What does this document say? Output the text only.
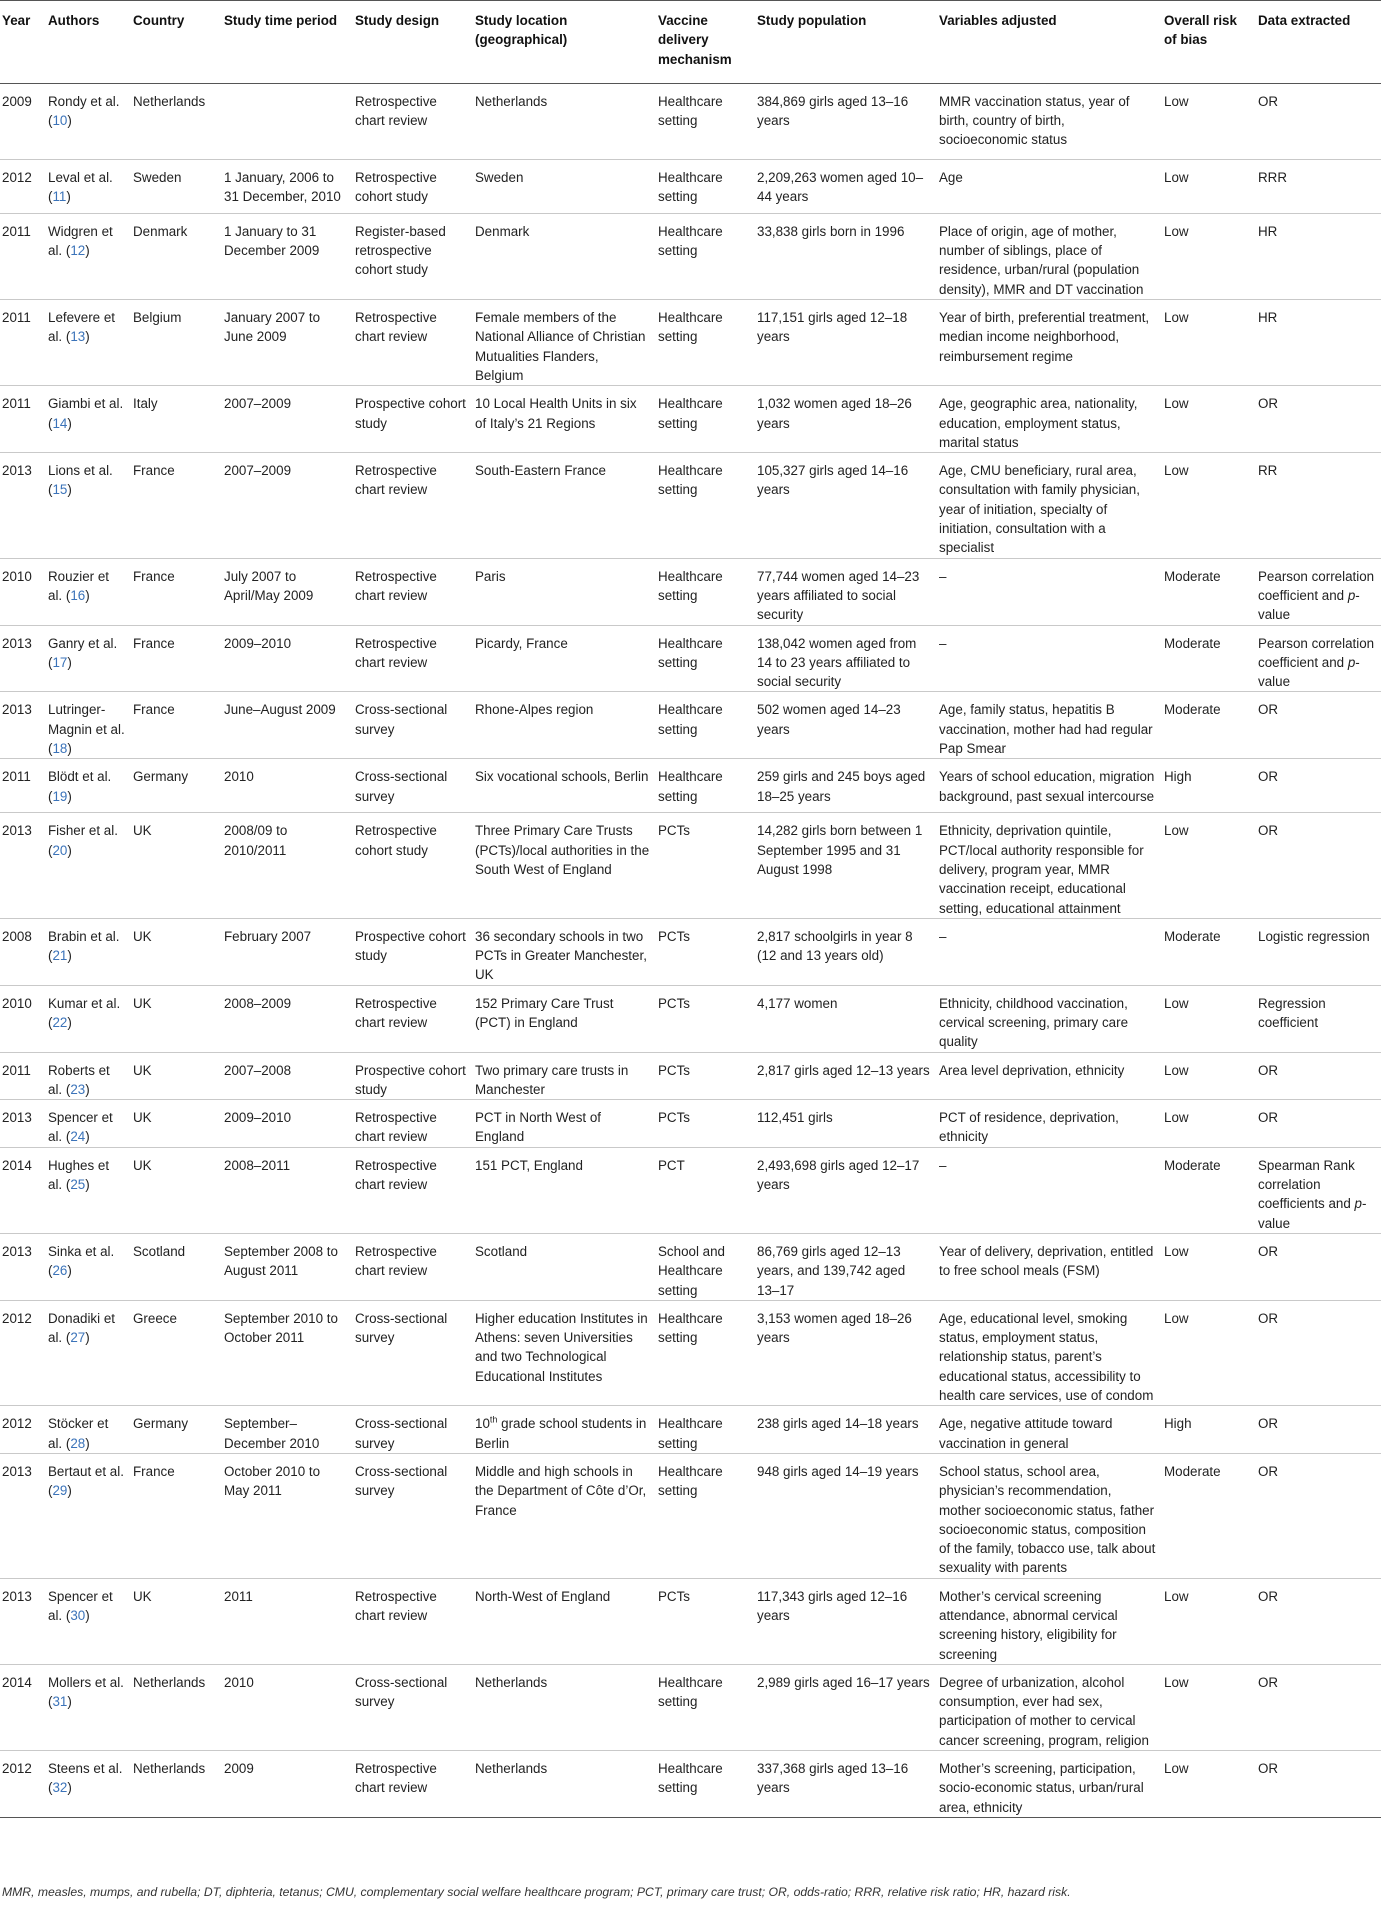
Year	Authors	Country	Study time period	Study design	Study location (geographical)	Vaccine delivery mechanism	Study population	Variables adjusted	Overall risk of bias	Data extracted

2009	Rondy et al. (10)	Netherlands		Retrospective chart review	Netherlands	Healthcare setting	384,869 girls aged 13–16 years	MMR vaccination status, year of birth, country of birth, socioeconomic status	Low	OR

2012	Leval et al. (11)	Sweden	1 January, 2006 to 31 December, 2010	Retrospective cohort study	Sweden	Healthcare setting	2,209,263 women aged 10–44 years	Age	Low	RRR

2011	Widgren et al. (12)	Denmark	1 January to 31 December 2009	Register-based retrospective cohort study	Denmark	Healthcare setting	33,838 girls born in 1996	Place of origin, age of mother, number of siblings, place of residence, urban/rural (population density), MMR and DT vaccination	Low	HR

2011	Lefevere et al. (13)	Belgium	January 2007 to June 2009	Retrospective chart review	Female members of the National Alliance of Christian Mutualities Flanders, Belgium	Healthcare setting	117,151 girls aged 12–18 years	Year of birth, preferential treatment, median income neighborhood, reimbursement regime	Low	HR

2011	Giambi et al. (14)	Italy	2007–2009	Prospective cohort study	10 Local Health Units in six of Italy’s 21 Regions	Healthcare setting	1,032 women aged 18–26 years	Age, geographic area, nationality, education, employment status, marital status	Low	OR

2013	Lions et al. (15)	France	2007–2009	Retrospective chart review	South-Eastern France	Healthcare setting	105,327 girls aged 14–16 years	Age, CMU beneficiary, rural area, consultation with family physician, year of initiation, specialty of initiation, consultation with a specialist	Low	RR

2010	Rouzier et al. (16)	France	July 2007 to April/May 2009	Retrospective chart review	Paris	Healthcare setting	77,744 women aged 14–23 years affiliated to social security	–	Moderate	Pearson correlation coefficient and p-value

2013	Ganry et al. (17)	France	2009–2010	Retrospective chart review	Picardy, France	Healthcare setting	138,042 women aged from 14 to 23 years affiliated to social security	–	Moderate	Pearson correlation coefficient and p-value

2013	Lutringer-Magnin et al. (18)	France	June–August 2009	Cross-sectional survey	Rhone-Alpes region	Healthcare setting	502 women aged 14–23 years	Age, family status, hepatitis B vaccination, mother had had regular Pap Smear	Moderate	OR

2011	Blödt et al. (19)	Germany	2010	Cross-sectional survey	Six vocational schools, Berlin	Healthcare setting	259 girls and 245 boys aged 18–25 years	Years of school education, migration background, past sexual intercourse	High	OR

2013	Fisher et al. (20)	UK	2008/09 to 2010/2011	Retrospective cohort study	Three Primary Care Trusts (PCTs)/local authorities in the South West of England	PCTs	14,282 girls born between 1 September 1995 and 31 August 1998	Ethnicity, deprivation quintile, PCT/local authority responsible for delivery, program year, MMR vaccination receipt, educational setting, educational attainment	Low	OR

2008	Brabin et al. (21)	UK	February 2007	Prospective cohort study	36 secondary schools in two PCTs in Greater Manchester, UK	PCTs	2,817 schoolgirls in year 8 (12 and 13 years old)	–	Moderate	Logistic regression

2010	Kumar et al. (22)	UK	2008–2009	Retrospective chart review	152 Primary Care Trust (PCT) in England	PCTs	4,177 women	Ethnicity, childhood vaccination, cervical screening, primary care quality	Low	Regression coefficient

2011	Roberts et al. (23)	UK	2007–2008	Prospective cohort study	Two primary care trusts in Manchester	PCTs	2,817 girls aged 12–13 years	Area level deprivation, ethnicity	Low	OR

2013	Spencer et al. (24)	UK	2009–2010	Retrospective chart review	PCT in North West of England	PCTs	112,451 girls	PCT of residence, deprivation, ethnicity	Low	OR

2014	Hughes et al. (25)	UK	2008–2011	Retrospective chart review	151 PCT, England	PCT	2,493,698 girls aged 12–17 years	–	Moderate	Spearman Rank correlation coefficients and p-value

2013	Sinka et al. (26)	Scotland	September 2008 to August 2011	Retrospective chart review	Scotland	School and Healthcare setting	86,769 girls aged 12–13 years, and 139,742 aged 13–17	Year of delivery, deprivation, entitled to free school meals (FSM)	Low	OR

2012	Donadiki et al. (27)	Greece	September 2010 to October 2011	Cross-sectional survey	Higher education Institutes in Athens: seven Universities and two Technological Educational Institutes	Healthcare setting	3,153 women aged 18–26 years	Age, educational level, smoking status, employment status, relationship status, parent’s educational status, accessibility to health care services, use of condom	Low	OR

2012	Stöcker et al. (28)	Germany	September–December 2010	Cross-sectional survey	10th grade school students in Berlin	Healthcare setting	238 girls aged 14–18 years	Age, negative attitude toward vaccination in general	High	OR

2013	Bertaut et al. (29)	France	October 2010 to May 2011	Cross-sectional survey	Middle and high schools in the Department of Côte d’Or, France	Healthcare setting	948 girls aged 14–19 years	School status, school area, physician’s recommendation, mother socioeconomic status, father socioeconomic status, composition of the family, tobacco use, talk about sexuality with parents	Moderate	OR

2013	Spencer et al. (30)	UK	2011	Retrospective chart review	North-West of England	PCTs	117,343 girls aged 12–16 years	Mother’s cervical screening attendance, abnormal cervical screening history, eligibility for screening	Low	OR

2014	Mollers et al. (31)	Netherlands	2010	Cross-sectional survey	Netherlands	Healthcare setting	2,989 girls aged 16–17 years	Degree of urbanization, alcohol consumption, ever had sex, participation of mother to cervical cancer screening, program, religion	Low	OR

2012	Steens et al. (32)	Netherlands	2009	Retrospective chart review	Netherlands	Healthcare setting	337,368 girls aged 13–16 years	Mother’s screening, participation, socio-economic status, urban/rural area, ethnicity	Low	OR
MMR, measles, mumps, and rubella; DT, diphteria, tetanus; CMU, complementary social welfare healthcare program; PCT, primary care trust; OR, odds-ratio; RRR, relative risk ratio; HR, hazard risk.
